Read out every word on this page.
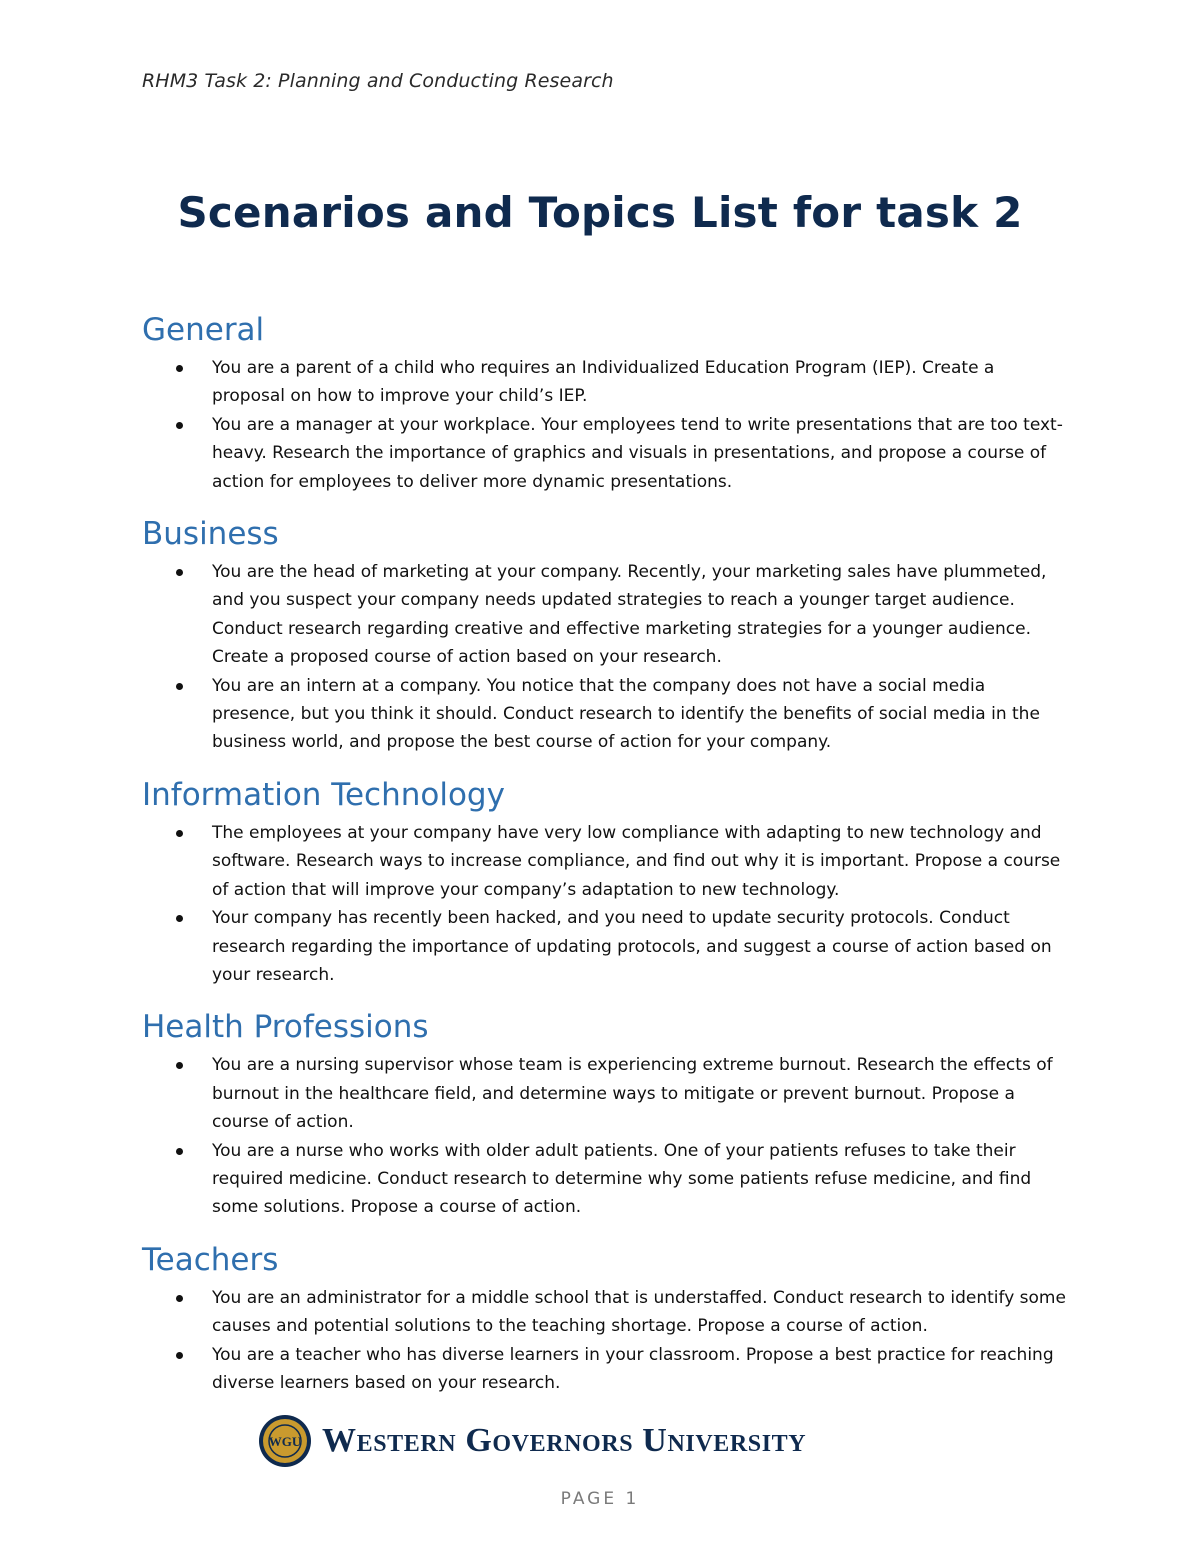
RHM3 Task 2: Planning and Conducting Research
Scenarios and Topics List for task 2
General
You are a parent of a child who requires an Individualized Education Program (IEP). Create a proposal on how to improve your child’s IEP.
You are a manager at your workplace. Your employees tend to write presentations that are too text-heavy. Research the importance of graphics and visuals in presentations, and propose a course of action for employees to deliver more dynamic presentations.
Business
You are the head of marketing at your company. Recently, your marketing sales have plummeted, and you suspect your company needs updated strategies to reach a younger target audience. Conduct research regarding creative and effective marketing strategies for a younger audience. Create a proposed course of action based on your research.
You are an intern at a company. You notice that the company does not have a social media presence, but you think it should. Conduct research to identify the benefits of social media in the business world, and propose the best course of action for your company.
Information Technology
The employees at your company have very low compliance with adapting to new technology and software. Research ways to increase compliance, and find out why it is important. Propose a course of action that will improve your company’s adaptation to new technology.
Your company has recently been hacked, and you need to update security protocols. Conduct research regarding the importance of updating protocols, and suggest a course of action based on your research.
Health Professions
You are a nursing supervisor whose team is experiencing extreme burnout. Research the effects of burnout in the healthcare field, and determine ways to mitigate or prevent burnout. Propose a course of action.
You are a nurse who works with older adult patients. One of your patients refuses to take their required medicine. Conduct research to determine why some patients refuse medicine, and find some solutions. Propose a course of action.
Teachers
You are an administrator for a middle school that is understaffed. Conduct research to identify some causes and potential solutions to the teaching shortage. Propose a course of action.
You are a teacher who has diverse learners in your classroom. Propose a best practice for reaching diverse learners based on your research.
WGU Western Governors University
PAGE 1
